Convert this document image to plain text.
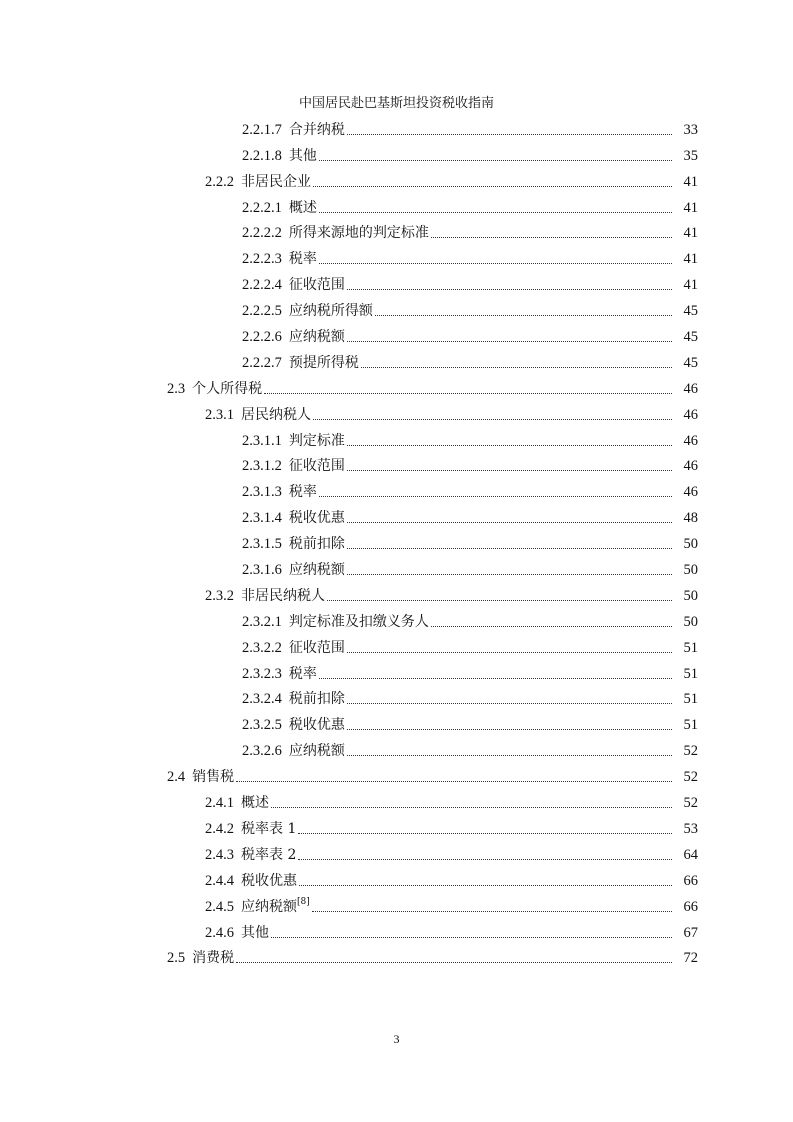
中国居民赴巴基斯坦投资税收指南
2.2.1.7 合并纳税	33
2.2.1.8 其他	35
2.2.2 非居民企业	41
2.2.2.1 概述	41
2.2.2.2 所得来源地的判定标准	41
2.2.2.3 税率	41
2.2.2.4 征收范围	41
2.2.2.5 应纳税所得额	45
2.2.2.6 应纳税额	45
2.2.2.7 预提所得税	45
2.3 个人所得税	46
2.3.1 居民纳税人	46
2.3.1.1 判定标准	46
2.3.1.2 征收范围	46
2.3.1.3 税率	46
2.3.1.4 税收优惠	48
2.3.1.5 税前扣除	50
2.3.1.6 应纳税额	50
2.3.2 非居民纳税人	50
2.3.2.1 判定标准及扣缴义务人	50
2.3.2.2 征收范围	51
2.3.2.3 税率	51
2.3.2.4 税前扣除	51
2.3.2.5 税收优惠	51
2.3.2.6 应纳税额	52
2.4 销售税	52
2.4.1 概述	52
2.4.2 税率表 1	53
2.4.3 税率表 2	64
2.4.4 税收优惠	66
2.4.5 应纳税额[8]	66
2.4.6 其他	67
2.5 消费税	72
3
